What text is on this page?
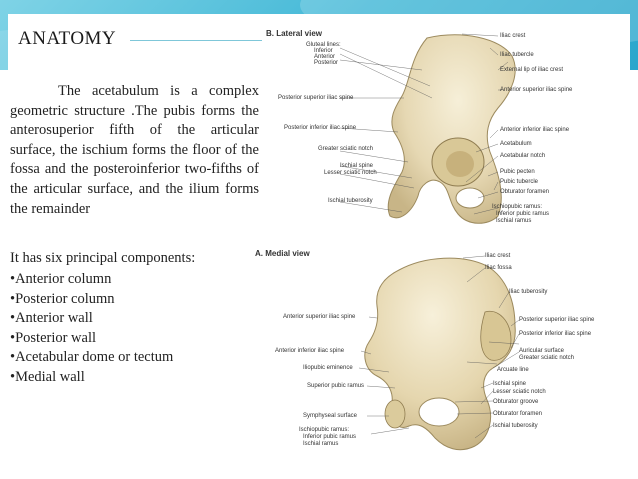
ANATOMY
The acetabulum is a complex geometric structure .The pubis forms the anterosuperior fifth of the articular surface, the ischium forms the floor of the fossa and the posteroinferior two-fifths of the articular surface, and the ilium forms the remainder
It has six principal components:
• Anterior column
• Posterior column
• Anterior wall
• Posterior wall
• Acetabular dome or tectum
• Medial wall
B. Lateral view
Gluteal lines:
Inferior
Anterior
Posterior
Posterior superior iliac spine
Posterior inferior iliac spine
Greater sciatic notch
Ischial spine
Lesser sciatic notch
Ischial tuberosity
Iliac crest
Iliac tubercle
External lip of iliac crest
Anterior superior iliac spine
Anterior inferior iliac spine
Acetabulum
Acetabular notch
Pubic pecten
Pubic tubercle
Obturator foramen
Ischiopubic ramus:
Inferior pubic ramus
Ischial ramus
A. Medial view	Iliac crest
Iliac fossa
Iliac tuberosity
Posterior superior iliac spine
Posterior inferior iliac spine
Auricular surface
Greater sciatic notch
Arcuate line
Ischial spine
Lesser sciatic notch
Obturator groove
Obturator foramen
Ischial tuberosity
Anterior superior iliac spine
Anterior inferior iliac spine
Iliopubic eminence
Superior pubic ramus
Symphyseal surface
Ischiopubic ramus:
Inferior pubic ramus
Ischial ramus
